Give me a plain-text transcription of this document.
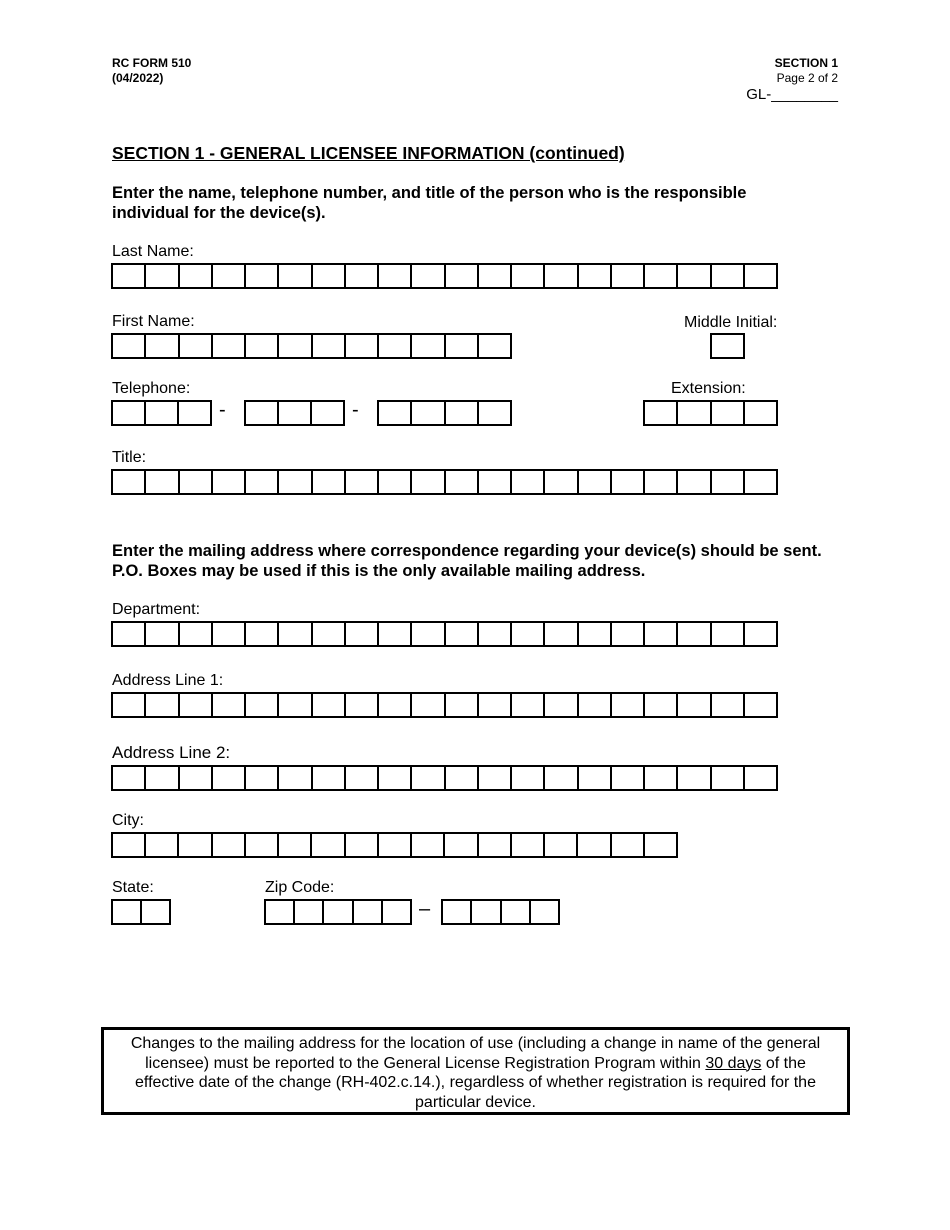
RC FORM 510
(04/2022)
SECTION 1
Page 2 of 2
GL-________
SECTION 1 - GENERAL LICENSEE INFORMATION (continued)
Enter the name, telephone number, and title of the person who is the responsible individual for the device(s).
Last Name:
First Name:	Middle Initial:
Telephone:
-	-
Extension:
Title:
Enter the mailing address where correspondence regarding your device(s) should be sent. P.O. Boxes may be used if this is the only available mailing address.
Department:
Address Line 1:
Address Line 2:
City:
State:	Zip Code:
–
Changes to the mailing address for the location of use (including a change in name of the general licensee) must be reported to the General License Registration Program within 30 days of the effective date of the change (RH-402.c.14.), regardless of whether registration is required for the particular device.
